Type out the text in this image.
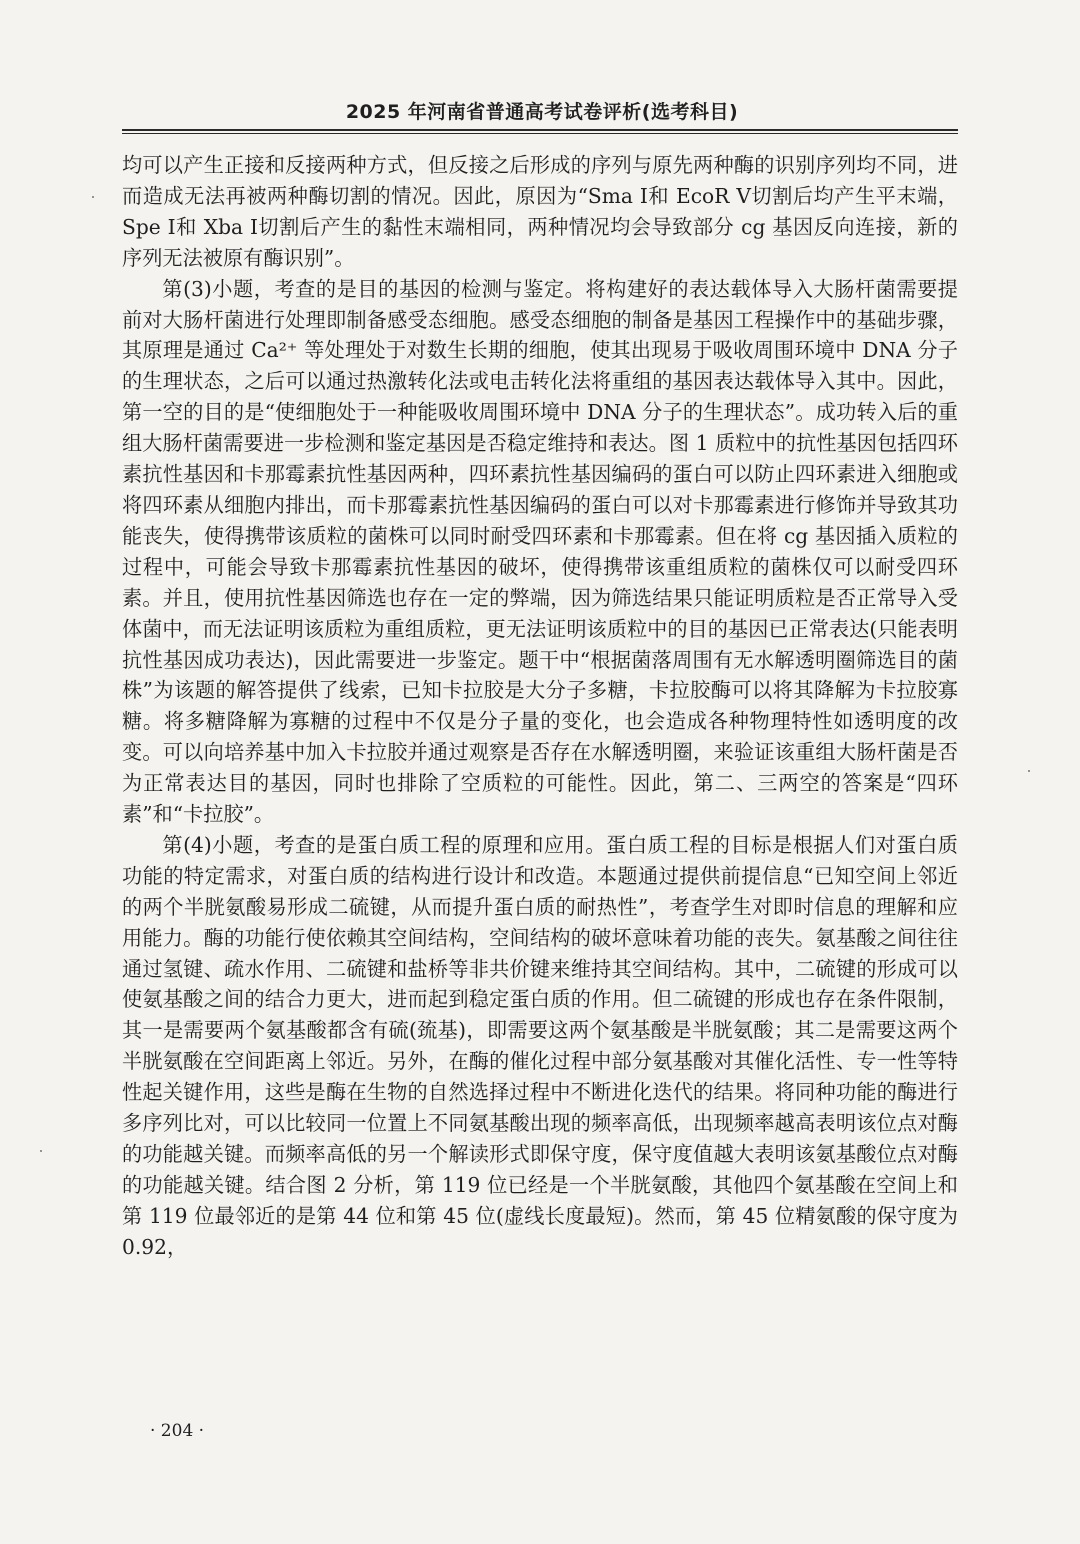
2025 年河南省普通高考试卷评析(选考科目)

均可以产生正接和反接两种方式，但反接之后形成的序列与原先两种酶的识别序列均不同，进而造成无法再被两种酶切割的情况。因此，原因为“Sma Ⅰ和 EcoR Ⅴ切割后均产生平末端，Spe Ⅰ和 Xba Ⅰ切割后产生的黏性末端相同，两种情况均会导致部分 cg 基因反向连接，新的序列无法被原有酶识别”。

第(3)小题，考查的是目的基因的检测与鉴定。将构建好的表达载体导入大肠杆菌需要提前对大肠杆菌进行处理即制备感受态细胞。感受态细胞的制备是基因工程操作中的基础步骤，其原理是通过 Ca²⁺ 等处理处于对数生长期的细胞，使其出现易于吸收周围环境中 DNA 分子的生理状态，之后可以通过热激转化法或电击转化法将重组的基因表达载体导入其中。因此，第一空的目的是“使细胞处于一种能吸收周围环境中 DNA 分子的生理状态”。成功转入后的重组大肠杆菌需要进一步检测和鉴定基因是否稳定维持和表达。图 1 质粒中的抗性基因包括四环素抗性基因和卡那霉素抗性基因两种，四环素抗性基因编码的蛋白可以防止四环素进入细胞或将四环素从细胞内排出，而卡那霉素抗性基因编码的蛋白可以对卡那霉素进行修饰并导致其功能丧失，使得携带该质粒的菌株可以同时耐受四环素和卡那霉素。但在将 cg 基因插入质粒的过程中，可能会导致卡那霉素抗性基因的破坏，使得携带该重组质粒的菌株仅可以耐受四环素。并且，使用抗性基因筛选也存在一定的弊端，因为筛选结果只能证明质粒是否正常导入受体菌中，而无法证明该质粒为重组质粒，更无法证明该质粒中的目的基因已正常表达(只能表明抗性基因成功表达)，因此需要进一步鉴定。题干中“根据菌落周围有无水解透明圈筛选目的菌株”为该题的解答提供了线索，已知卡拉胶是大分子多糖，卡拉胶酶可以将其降解为卡拉胶寡糖。将多糖降解为寡糖的过程中不仅是分子量的变化，也会造成各种物理特性如透明度的改变。可以向培养基中加入卡拉胶并通过观察是否存在水解透明圈，来验证该重组大肠杆菌是否为正常表达目的基因，同时也排除了空质粒的可能性。因此，第二、三两空的答案是“四环素”和“卡拉胶”。

第(4)小题，考查的是蛋白质工程的原理和应用。蛋白质工程的目标是根据人们对蛋白质功能的特定需求，对蛋白质的结构进行设计和改造。本题通过提供前提信息“已知空间上邻近的两个半胱氨酸易形成二硫键，从而提升蛋白质的耐热性”，考查学生对即时信息的理解和应用能力。酶的功能行使依赖其空间结构，空间结构的破坏意味着功能的丧失。氨基酸之间往往通过氢键、疏水作用、二硫键和盐桥等非共价键来维持其空间结构。其中，二硫键的形成可以使氨基酸之间的结合力更大，进而起到稳定蛋白质的作用。但二硫键的形成也存在条件限制，其一是需要两个氨基酸都含有硫(巯基)，即需要这两个氨基酸是半胱氨酸；其二是需要这两个半胱氨酸在空间距离上邻近。另外，在酶的催化过程中部分氨基酸对其催化活性、专一性等特性起关键作用，这些是酶在生物的自然选择过程中不断进化迭代的结果。将同种功能的酶进行多序列比对，可以比较同一位置上不同氨基酸出现的频率高低，出现频率越高表明该位点对酶的功能越关键。而频率高低的另一个解读形式即保守度，保守度值越大表明该氨基酸位点对酶的功能越关键。结合图 2 分析，第 119 位已经是一个半胱氨酸，其他四个氨基酸在空间上和第 119 位最邻近的是第 44 位和第 45 位(虚线长度最短)。然而，第 45 位精氨酸的保守度为 0.92，

· 204 ·
